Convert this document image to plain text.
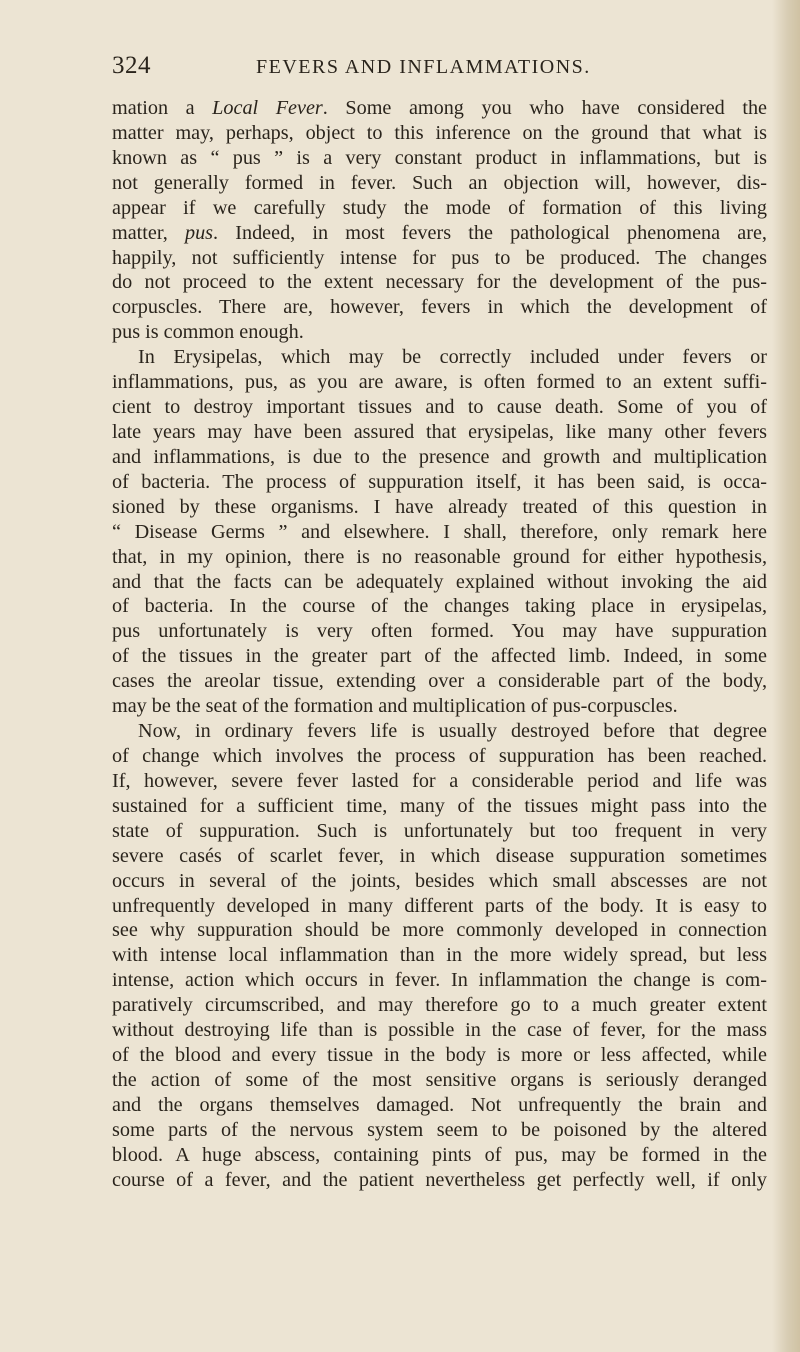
324	FEVERS AND INFLAMMATIONS.
mation a Local Fever. Some among you who have considered the
matter may, perhaps, object to this inference on the ground that what is
known as “ pus ” is a very constant product in inflammations, but is
not generally formed in fever. Such an objection will, however, dis-
appear if we carefully study the mode of formation of this living
matter, pus. Indeed, in most fevers the pathological phenomena are,
happily, not sufficiently intense for pus to be produced. The changes
do not proceed to the extent necessary for the development of the pus-
corpuscles. There are, however, fevers in which the development of
pus is common enough.
In Erysipelas, which may be correctly included under fevers or
inflammations, pus, as you are aware, is often formed to an extent suffi-
cient to destroy important tissues and to cause death. Some of you of
late years may have been assured that erysipelas, like many other fevers
and inflammations, is due to the presence and growth and multiplication
of bacteria. The process of suppuration itself, it has been said, is occa-
sioned by these organisms. I have already treated of this question in
“ Disease Germs ” and elsewhere. I shall, therefore, only remark here
that, in my opinion, there is no reasonable ground for either hypothesis,
and that the facts can be adequately explained without invoking the aid
of bacteria. In the course of the changes taking place in erysipelas,
pus unfortunately is very often formed. You may have suppuration
of the tissues in the greater part of the affected limb. Indeed, in some
cases the areolar tissue, extending over a considerable part of the body,
may be the seat of the formation and multiplication of pus-corpuscles.
Now, in ordinary fevers life is usually destroyed before that degree
of change which involves the process of suppuration has been reached.
If, however, severe fever lasted for a considerable period and life was
sustained for a sufficient time, many of the tissues might pass into the
state of suppuration. Such is unfortunately but too frequent in very
severe casés of scarlet fever, in which disease suppuration sometimes
occurs in several of the joints, besides which small abscesses are not
unfrequently developed in many different parts of the body. It is easy to
see why suppuration should be more commonly developed in connection
with intense local inflammation than in the more widely spread, but less
intense, action which occurs in fever. In inflammation the change is com-
paratively circumscribed, and may therefore go to a much greater extent
without destroying life than is possible in the case of fever, for the mass
of the blood and every tissue in the body is more or less affected, while
the action of some of the most sensitive organs is seriously deranged
and the organs themselves damaged. Not unfrequently the brain and
some parts of the nervous system seem to be poisoned by the altered
blood. A huge abscess, containing pints of pus, may be formed in the
course of a fever, and the patient nevertheless get perfectly well, if only
